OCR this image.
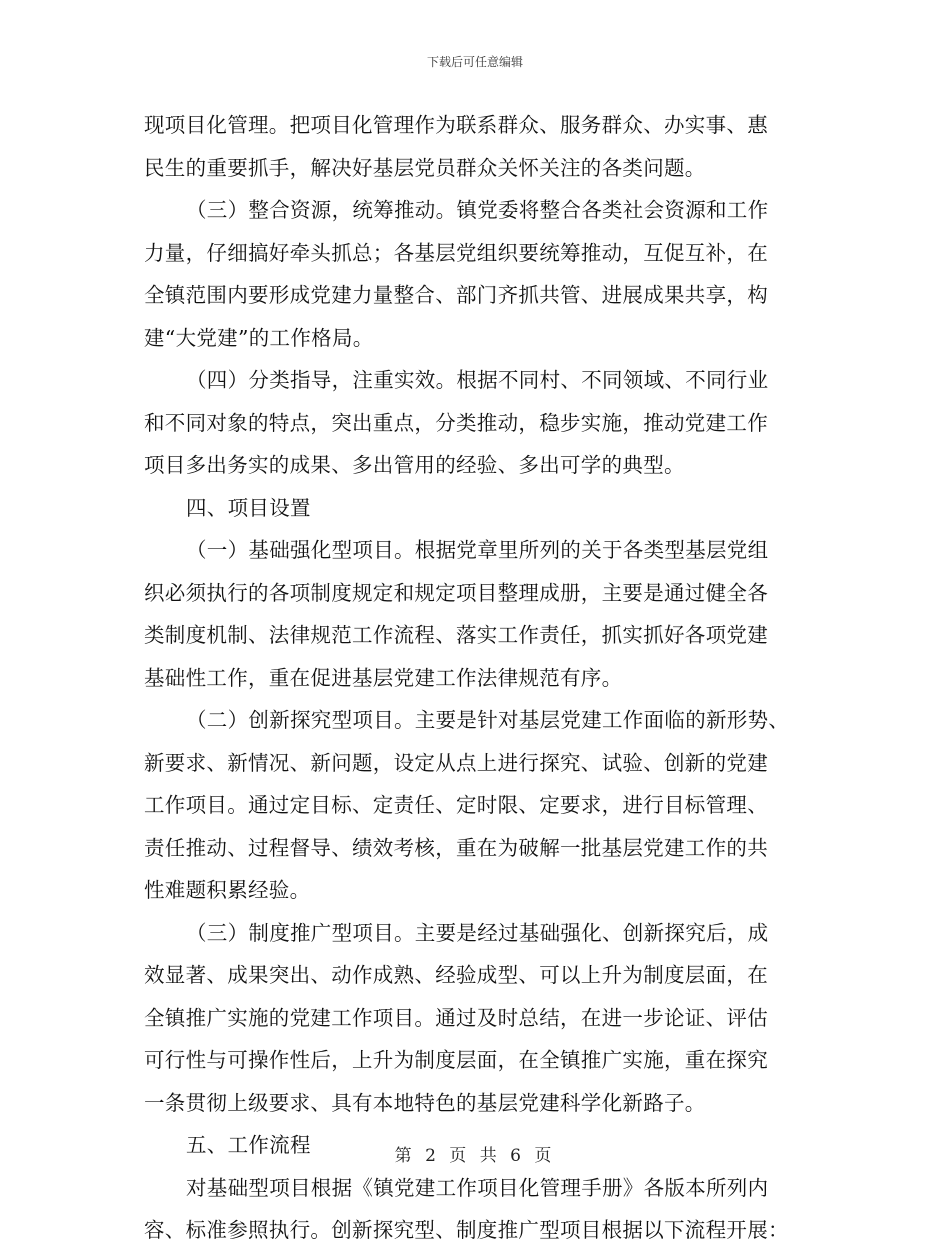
下载后可任意编辑
现项目化管理。把项目化管理作为联系群众、服务群众、办实事、惠
民生的重要抓手，解决好基层党员群众关怀关注的各类问题。
（三）整合资源，统筹推动。镇党委将整合各类社会资源和工作
力量，仔细搞好牵头抓总；各基层党组织要统筹推动，互促互补，在
全镇范围内要形成党建力量整合、部门齐抓共管、进展成果共享，构
建“大党建”的工作格局。
（四）分类指导，注重实效。根据不同村、不同领域、不同行业
和不同对象的特点，突出重点，分类推动，稳步实施，推动党建工作
项目多出务实的成果、多出管用的经验、多出可学的典型。
四、项目设置
（一）基础强化型项目。根据党章里所列的关于各类型基层党组
织必须执行的各项制度规定和规定项目整理成册，主要是通过健全各
类制度机制、法律规范工作流程、落实工作责任，抓实抓好各项党建
基础性工作，重在促进基层党建工作法律规范有序。
（二）创新探究型项目。主要是针对基层党建工作面临的新形势、
新要求、新情况、新问题，设定从点上进行探究、试验、创新的党建
工作项目。通过定目标、定责任、定时限、定要求，进行目标管理、
责任推动、过程督导、绩效考核，重在为破解一批基层党建工作的共
性难题积累经验。
（三）制度推广型项目。主要是经过基础强化、创新探究后，成
效显著、成果突出、动作成熟、经验成型、可以上升为制度层面，在
全镇推广实施的党建工作项目。通过及时总结，在进一步论证、评估
可行性与可操作性后，上升为制度层面，在全镇推广实施，重在探究
一条贯彻上级要求、具有本地特色的基层党建科学化新路子。
五、工作流程
对基础型项目根据《镇党建工作项目化管理手册》各版本所列内
容、标准参照执行。创新探究型、制度推广型项目根据以下流程开展：
第 2 页 共 6 页
